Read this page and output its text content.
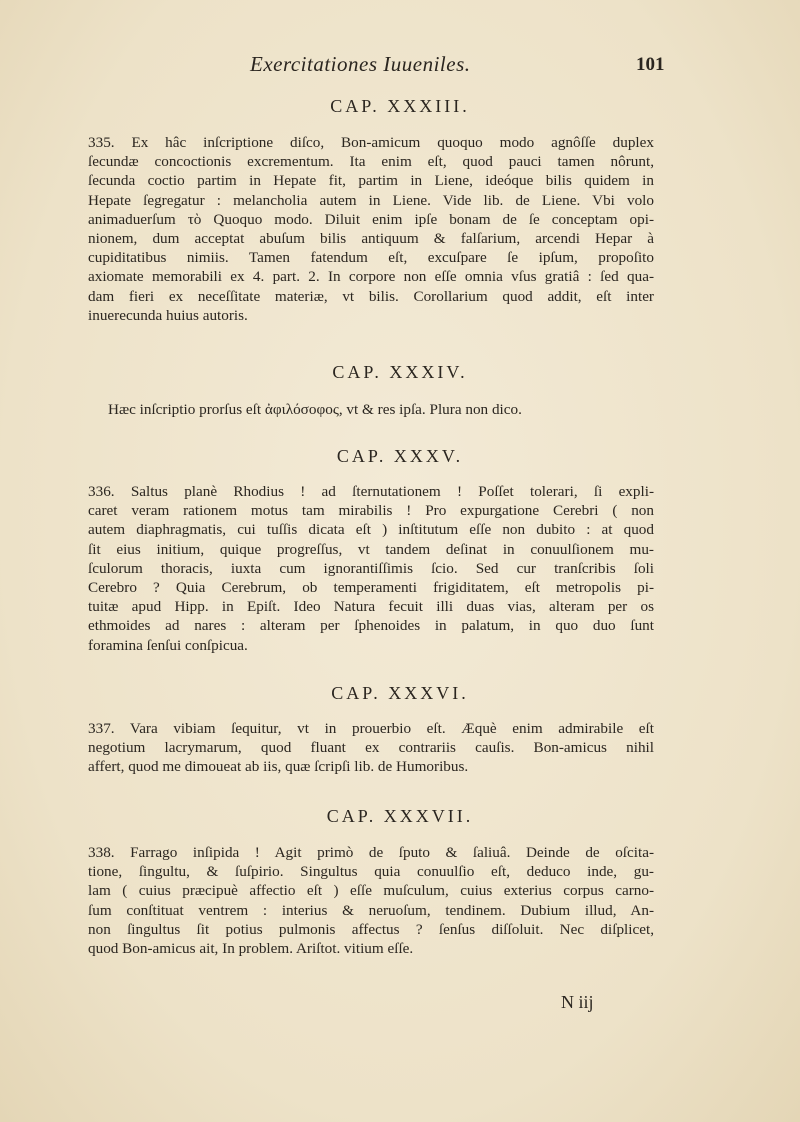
Exercitationes Iuueniles.	101
CAP. XXXIII.
335. Ex hâc inſcriptione diſco, Bon-amicum quoquo modo agnôſſe duplex
ſecundæ concoctionis excrementum. Ita enim eſt, quod pauci tamen nôrunt,
ſecunda coctio partim in Hepate fit, partim in Liene, ideóque bilis quidem in
Hepate ſegregatur : melancholia autem in Liene. Vide lib. de Liene. Vbi volo
animaduerſum τὸ Quoquo modo. Diluit enim ipſe bonam de ſe conceptam opi-
nionem, dum acceptat abuſum bilis antiquum & falſarium, arcendi Hepar à
cupiditatibus nimiis. Tamen fatendum eſt, excuſpare ſe ipſum, propoſito
axiomate memorabili ex 4. part. 2. In corpore non eſſe omnia vſus gratiâ : ſed qua-
dam fieri ex neceſſitate materiæ, vt bilis. Corollarium quod addit, eſt inter
inuerecunda huius autoris.
CAP. XXXIV.
Hæc inſcriptio prorſus eſt ἀφιλόσοφος, vt & res ipſa. Plura non dico.
CAP. XXXV.
336. Saltus planè Rhodius ! ad ſternutationem ! Poſſet tolerari, ſi expli-
caret veram rationem motus tam mirabilis ! Pro expurgatione Cerebri ( non
autem diaphragmatis, cui tuſſis dicata eſt ) inſtitutum eſſe non dubito : at quod
ſit eius initium, quique progreſſus, vt tandem deſinat in conuulſionem mu-
ſculorum thoracis, iuxta cum ignorantiſſimis ſcio. Sed cur tranſcribis ſoli
Cerebro ? Quia Cerebrum, ob temperamenti frigiditatem, eſt metropolis pi-
tuitæ apud Hipp. in Epiſt. Ideo Natura fecuit illi duas vias, alteram per os
ethmoides ad nares : alteram per ſphenoides in palatum, in quo duo ſunt
foramina ſenſui conſpicua.
CAP. XXXVI.
337. Vara vibiam ſequitur, vt in prouerbio eſt. Æquè enim admirabile eſt
negotium lacrymarum, quod fluant ex contrariis cauſis. Bon-amicus nihil
affert, quod me dimoueat ab iis, quæ ſcripſi lib. de Humoribus.
CAP. XXXVII.
338. Farrago inſipida ! Agit primò de ſputo & ſaliuâ. Deinde de oſcita-
tione, ſingultu, & ſuſpirio. Singultus quia conuulſio eſt, deduco inde, gu-
lam ( cuius præcipuè affectio eſt ) eſſe muſculum, cuius exterius corpus carno-
ſum conſtituat ventrem : interius & neruoſum, tendinem. Dubium illud, An-
non ſingultus ſit potius pulmonis affectus ? ſenſus diſſoluit. Nec diſplicet,
quod Bon-amicus ait, In problem. Ariſtot. vitium eſſe.
N iij
